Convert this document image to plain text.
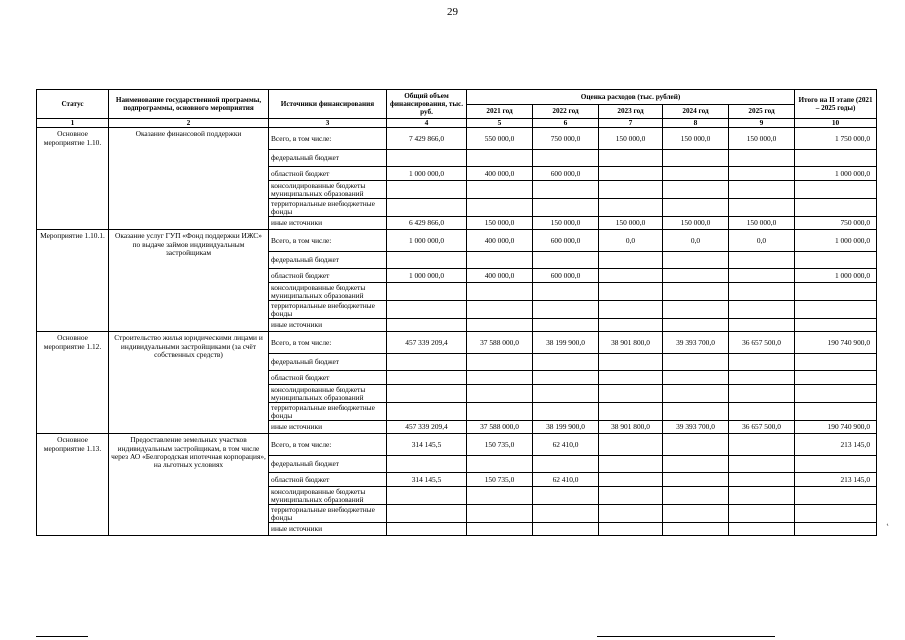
29
Статус	Наименование государственной программы, подпрограммы, основного мероприятия	Источники финансирования	Общий объем финансирования, тыс. руб.	Оценка расходов (тыс. рублей)					Итого на II этапе (2021 – 2025 годы)
				2021 год	2022 год	2023 год	2024 год	2025 год	
1	2	3	4	5	6	7	8	9	10
Основное мероприятие 1.10.	Оказание финансовой поддержки	Всего, в том числе:	7 429 866,0	550 000,0	750 000,0	150 000,0	150 000,0	150 000,0	1 750 000,0
		федеральный бюджет							
		областной бюджет	1 000 000,0	400 000,0	600 000,0				1 000 000,0
		консолидированные бюджеты муниципальных образований							
		территориальные внебюджетные фонды							
		иные источники	6 429 866,0	150 000,0	150 000,0	150 000,0	150 000,0	150 000,0	750 000,0
Мероприятие 1.10.1.	Оказание услуг ГУП «Фонд поддержки ИЖС» по выдаче займов индивидуальным застройщикам	Всего, в том числе:	1 000 000,0	400 000,0	600 000,0	0,0	0,0	0,0	1 000 000,0
		федеральный бюджет							
		областной бюджет	1 000 000,0	400 000,0	600 000,0				1 000 000,0
		консолидированные бюджеты муниципальных образований							
		территориальные внебюджетные фонды							
		иные источники							
Основное мероприятие 1.12.	Строительство жилья юридическими лицами и индивидуальными застройщиками (за счёт собственных средств)	Всего, в том числе:	457 339 209,4	37 588 000,0	38 199 900,0	38 901 800,0	39 393 700,0	36 657 500,0	190 740 900,0
		федеральный бюджет							
		областной бюджет							
		консолидированные бюджеты муниципальных образований							
		территориальные внебюджетные фонды							
		иные источники	457 339 209,4	37 588 000,0	38 199 900,0	38 901 800,0	39 393 700,0	36 657 500,0	190 740 900,0
Основное мероприятие 1.13.	Предоставление земельных участков индивидуальным застройщикам, в том числе через АО «Белгородская ипотечная корпорация», на льготных условиях	Всего, в том числе:	314 145,5	150 735,0	62 410,0				213 145,0
		федеральный бюджет							
		областной бюджет	314 145,5	150 735,0	62 410,0				213 145,0
		консолидированные бюджеты муниципальных образований							
		территориальные внебюджетные фонды							
		иные источники							
˛
